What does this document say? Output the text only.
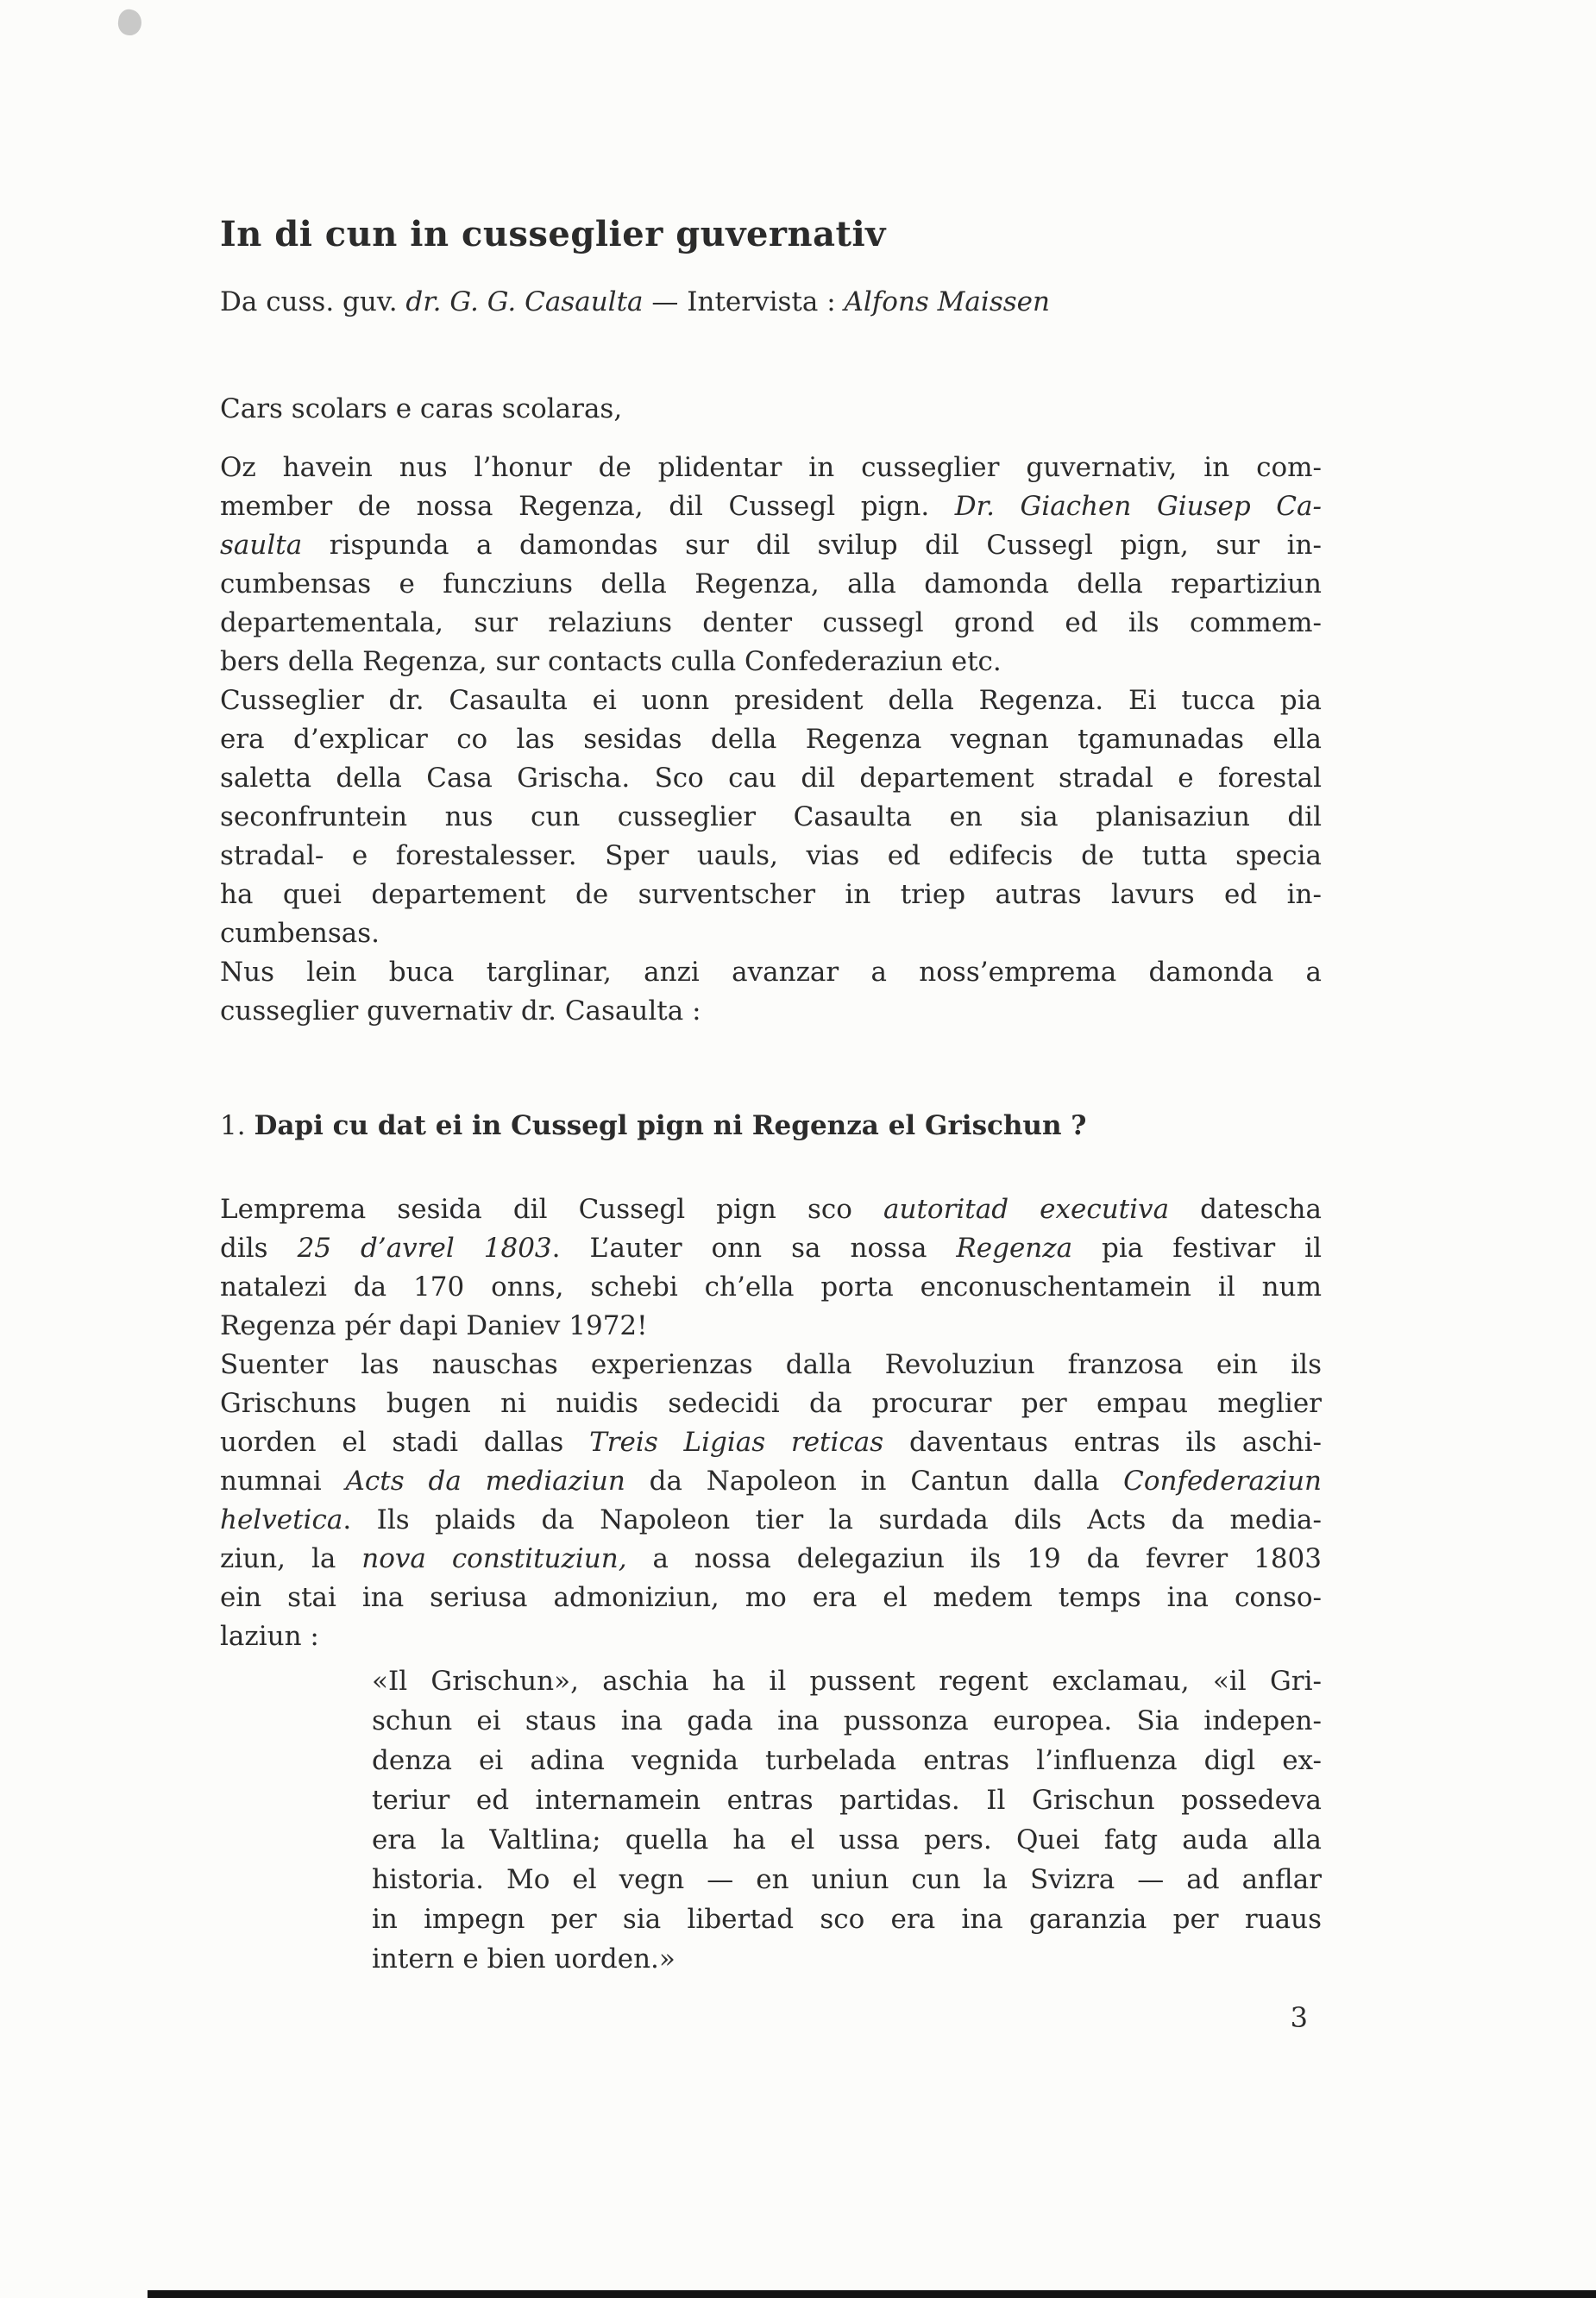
In di cun in cusseglier guvernativ

Da cuss. guv. dr. G. G. Casaulta — Intervista : Alfons Maissen

Cars scolars e caras scolaras,

Oz havein nus l’honur de plidentar in cusseglier guvernativ, in com-
member de nossa Regenza, dil Cussegl pign. Dr. Giachen Giusep Ca-
saulta rispunda a damondas sur dil svilup dil Cussegl pign, sur in-
cumbensas e funcziuns della Regenza, alla damonda della repartiziun
departementala, sur relaziuns denter cussegl grond ed ils commem-
bers della Regenza, sur contacts culla Confederaziun etc.
Cusseglier dr. Casaulta ei uonn president della Regenza. Ei tucca pia
era d’explicar co las sesidas della Regenza vegnan tgamunadas ella
saletta della Casa Grischa. Sco cau dil departement stradal e forestal
seconfruntein nus cun cusseglier Casaulta en sia planisaziun dil
stradal- e forestalesser. Sper uauls, vias ed edifecis de tutta specia
ha quei departement de surventscher in triep autras lavurs ed in-
cumbensas.
Nus lein buca targlinar, anzi avanzar a noss’emprema damonda a
cusseglier guvernativ dr. Casaulta :
1. Dapi cu dat ei in Cussegl pign ni Regenza el Grischun ?
Lemprema sesida dil Cussegl pign sco autoritad executiva datescha
dils 25 d’avrel 1803. L’auter onn sa nossa Regenza pia festivar il
natalezi da 170 onns, schebi ch’ella porta enconuschentamein il num
Regenza pér dapi Daniev 1972!
Suenter las nauschas experienzas dalla Revoluziun franzosa ein ils
Grischuns bugen ni nuidis sedecidi da procurar per empau meglier
uorden el stadi dallas Treis Ligias reticas daventaus entras ils aschi-
numnai Acts da mediaziun da Napoleon in Cantun dalla Confederaziun
helvetica. Ils plaids da Napoleon tier la surdada dils Acts da media-
ziun, la nova constituziun, a nossa delegaziun ils 19 da fevrer 1803
ein stai ina seriusa admoniziun, mo era el medem temps ina conso-
laziun :
«Il Grischun», aschia ha il pussent regent exclamau, «il Gri-
schun ei staus ina gada ina pussonza europea. Sia indepen-
denza ei adina vegnida turbelada entras l’influenza digl ex-
teriur ed internamein entras partidas. Il Grischun possedeva
era la Valtlina; quella ha el ussa pers. Quei fatg auda alla
historia. Mo el vegn — en uniun cun la Svizra — ad anflar
in impegn per sia libertad sco era ina garanzia per ruaus
intern e bien uorden.»
3
